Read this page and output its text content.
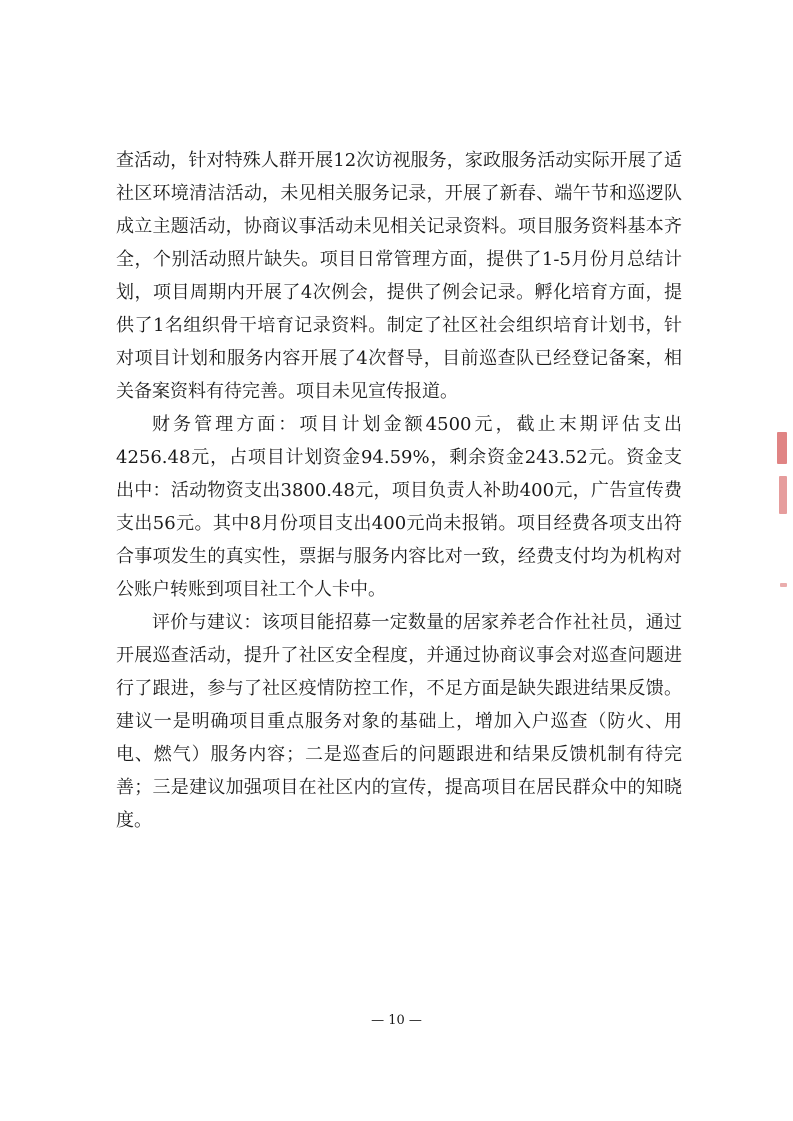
查活动，针对特殊人群开展12次访视服务，家政服务活动实际开展了适社区环境清洁活动，未见相关服务记录，开展了新春、端午节和巡逻队成立主题活动，协商议事活动未见相关记录资料。项目服务资料基本齐全，个别活动照片缺失。项目日常管理方面，提供了1-5月份月总结计划，项目周期内开展了4次例会，提供了例会记录。孵化培育方面，提供了1名组织骨干培育记录资料。制定了社区社会组织培育计划书，针对项目计划和服务内容开展了4次督导，目前巡查队已经登记备案，相关备案资料有待完善。项目未见宣传报道。

财务管理方面：项目计划金额4500元，截止末期评估支出4256.48元，占项目计划资金94.59%，剩余资金243.52元。资金支出中：活动物资支出3800.48元，项目负责人补助400元，广告宣传费支出56元。其中8月份项目支出400元尚未报销。项目经费各项支出符合事项发生的真实性，票据与服务内容比对一致，经费支付均为机构对公账户转账到项目社工个人卡中。

评价与建议：该项目能招募一定数量的居家养老合作社社员，通过开展巡查活动，提升了社区安全程度，并通过协商议事会对巡查问题进行了跟进，参与了社区疫情防控工作，不足方面是缺失跟进结果反馈。建议一是明确项目重点服务对象的基础上，增加入户巡查（防火、用电、燃气）服务内容；二是巡查后的问题跟进和结果反馈机制有待完善；三是建议加强项目在社区内的宣传，提高项目在居民群众中的知晓度。

— 10 —
